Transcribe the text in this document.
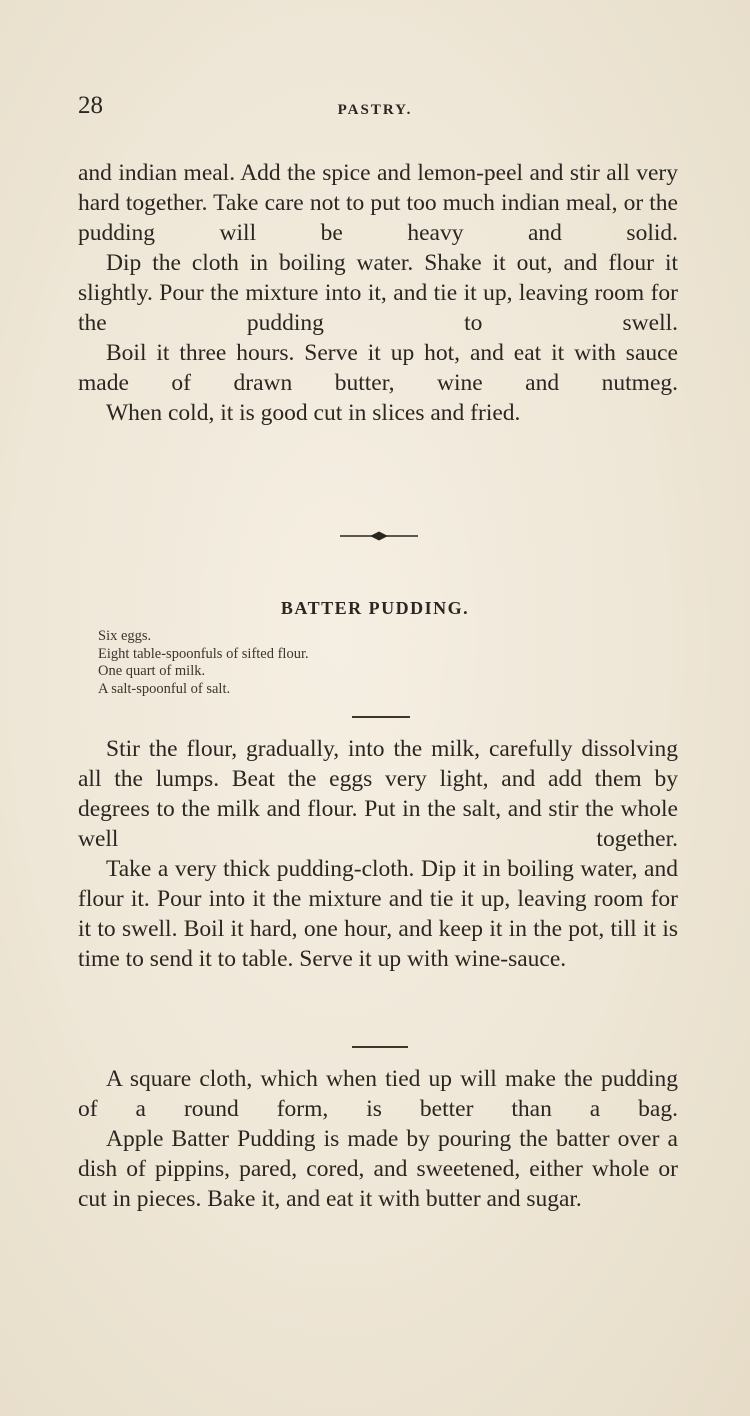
28	PASTRY.

and indian meal. Add the spice and lemon-peel and stir all very hard together. Take care not to put too much indian meal, or the pudding will be heavy and solid.

Dip the cloth in boiling water. Shake it out, and flour it slightly. Pour the mixture into it, and tie it up, leaving room for the pudding to swell.

Boil it three hours. Serve it up hot, and eat it with sauce made of drawn butter, wine and nutmeg.

When cold, it is good cut in slices and fried.

BATTER PUDDING.
Six eggs.
Eight table-spoonfuls of sifted flour.
One quart of milk.
A salt-spoonful of salt.

Stir the flour, gradually, into the milk, carefully dissolving all the lumps. Beat the eggs very light, and add them by degrees to the milk and flour. Put in the salt, and stir the whole well together.

Take a very thick pudding-cloth. Dip it in boiling water, and flour it. Pour into it the mixture and tie it up, leaving room for it to swell. Boil it hard, one hour, and keep it in the pot, till it is time to send it to table. Serve it up with wine-sauce.

A square cloth, which when tied up will make the pudding of a round form, is better than a bag.

Apple Batter Pudding is made by pouring the batter over a dish of pippins, pared, cored, and sweetened, either whole or cut in pieces. Bake it, and eat it with butter and sugar.
